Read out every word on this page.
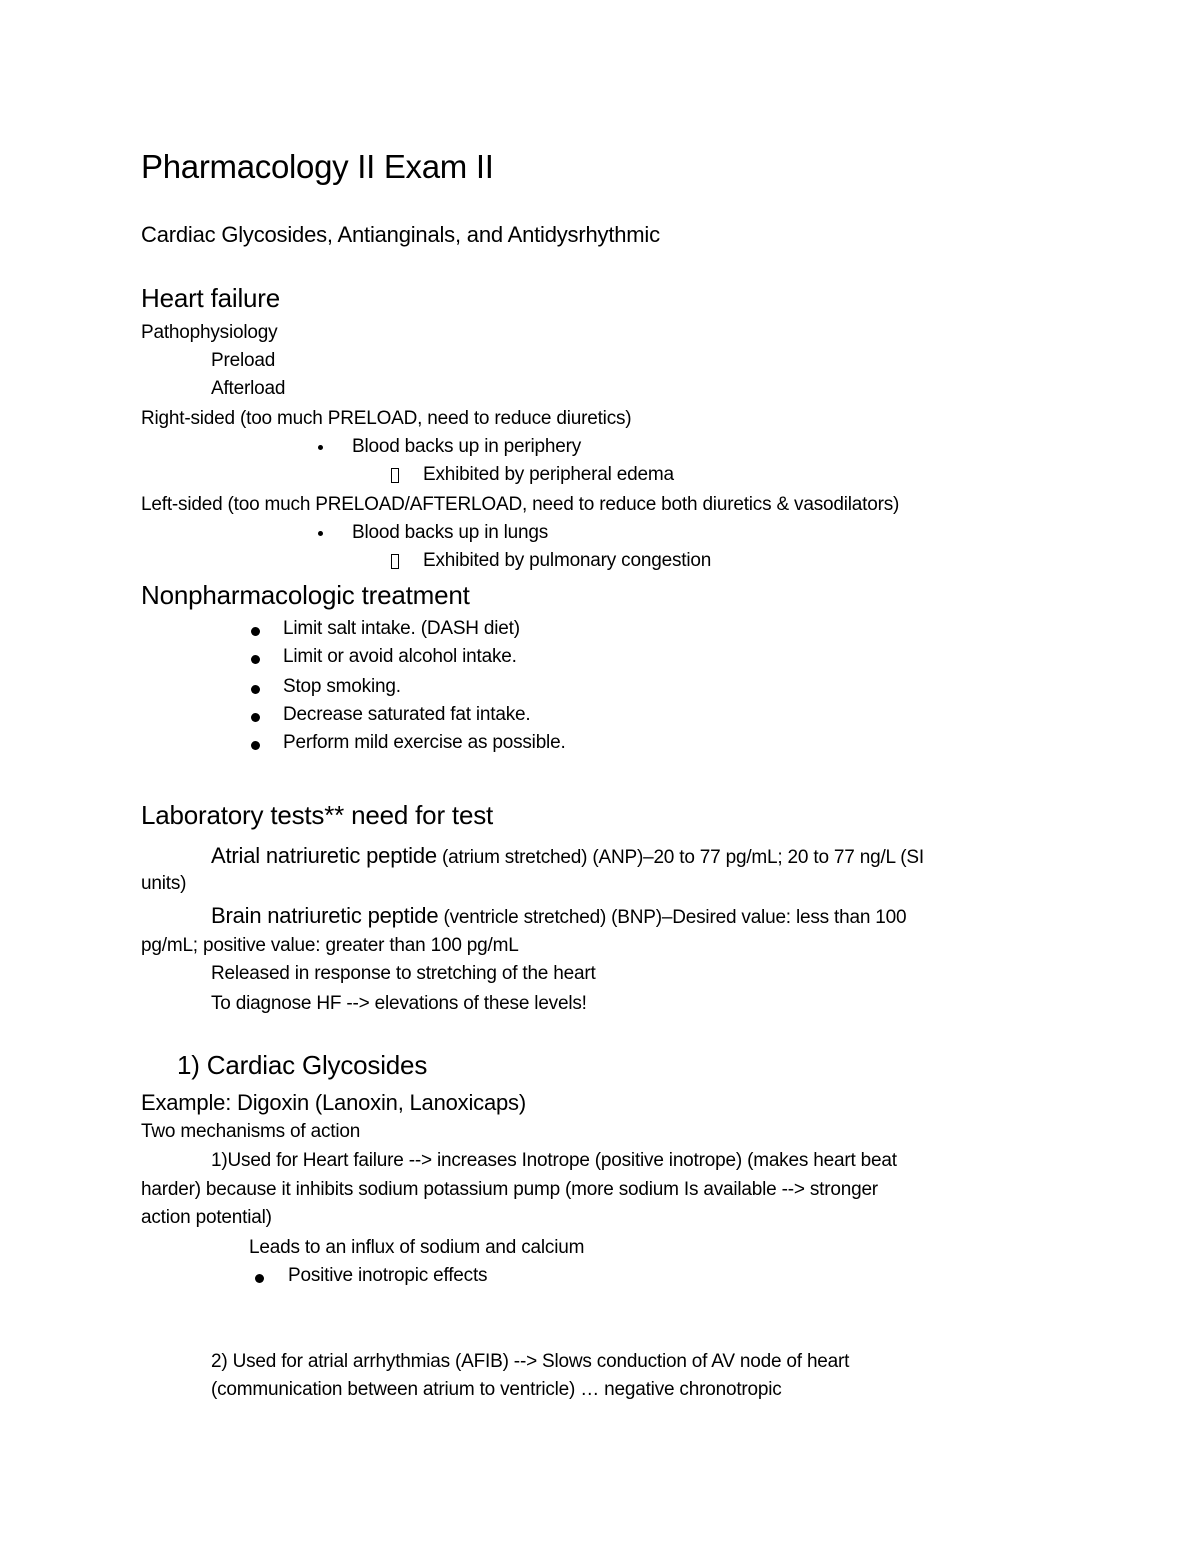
Pharmacology II Exam II
Cardiac Glycosides, Antianginals, and Antidysrhythmic
Heart failure
Pathophysiology
Preload
Afterload
Right-sided (too much PRELOAD, need to reduce diuretics)
Blood backs up in periphery
Exhibited by peripheral edema
Left-sided (too much PRELOAD/AFTERLOAD, need to reduce both diuretics & vasodilators)
Blood backs up in lungs
Exhibited by pulmonary congestion
Nonpharmacologic treatment
Limit salt intake. (DASH diet)
Limit or avoid alcohol intake.
Stop smoking.
Decrease saturated fat intake.
Perform mild exercise as possible.
Laboratory tests** need for test
Atrial natriuretic peptide (atrium stretched) (ANP)–20 to 77 pg/mL; 20 to 77 ng/L (SI
units)
Brain natriuretic peptide (ventricle stretched) (BNP)–Desired value: less than 100
pg/mL; positive value: greater than 100 pg/mL
Released in response to stretching of the heart
To diagnose HF --> elevations of these levels!
1) Cardiac Glycosides
Example: Digoxin (Lanoxin, Lanoxicaps)
Two mechanisms of action
1)Used for Heart failure --> increases Inotrope (positive inotrope) (makes heart beat
harder) because it inhibits sodium potassium pump (more sodium Is available --> stronger
action potential)
Leads to an influx of sodium and calcium
Positive inotropic effects
2) Used for atrial arrhythmias (AFIB) --> Slows conduction of AV node of heart
(communication between atrium to ventricle) … negative chronotropic
